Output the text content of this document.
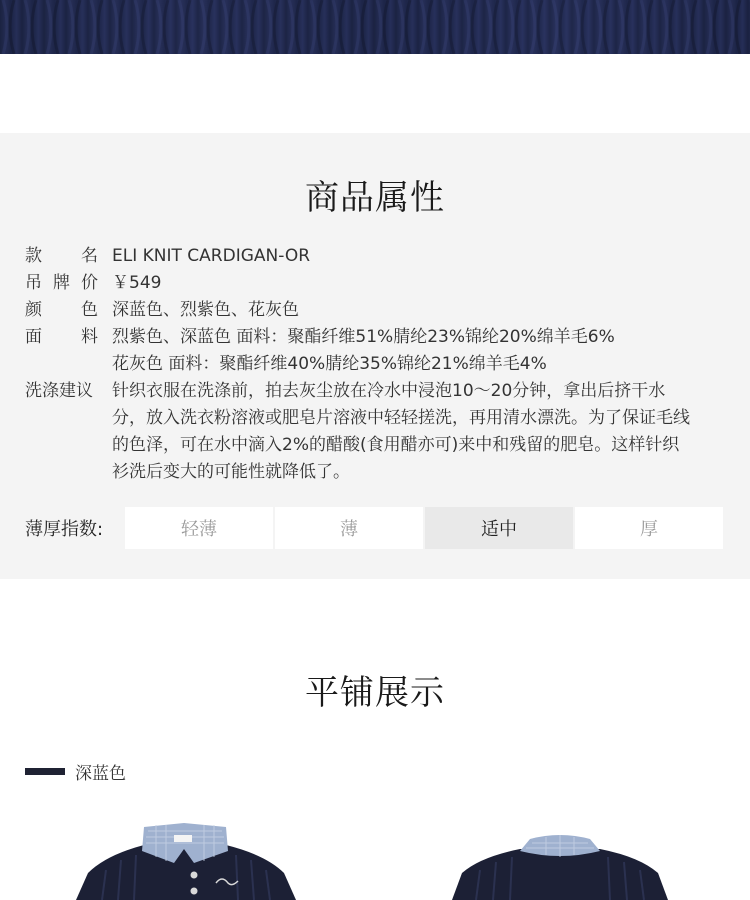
商品属性
款名 ELI KNIT CARDIGAN-OR
吊牌价 ￥549
颜色 深蓝色、烈紫色、花灰色
面料 烈紫色、深蓝色 面料：聚酯纤维51%腈纶23%锦纶20%绵羊毛6%
花灰色 面料：聚酯纤维40%腈纶35%锦纶21%绵羊毛4%
洗涤建议	针织衣服在洗涤前，拍去灰尘放在冷水中浸泡10～20分钟，拿出后挤干水
分，放入洗衣粉溶液或肥皂片溶液中轻轻搓洗，再用清水漂洗。为了保证毛线
的色泽，可在水中滴入2%的醋酸(食用醋亦可)来中和残留的肥皂。这样针织
衫洗后变大的可能性就降低了。
薄厚指数:	轻薄	薄	适中	厚
平铺展示
深蓝色
